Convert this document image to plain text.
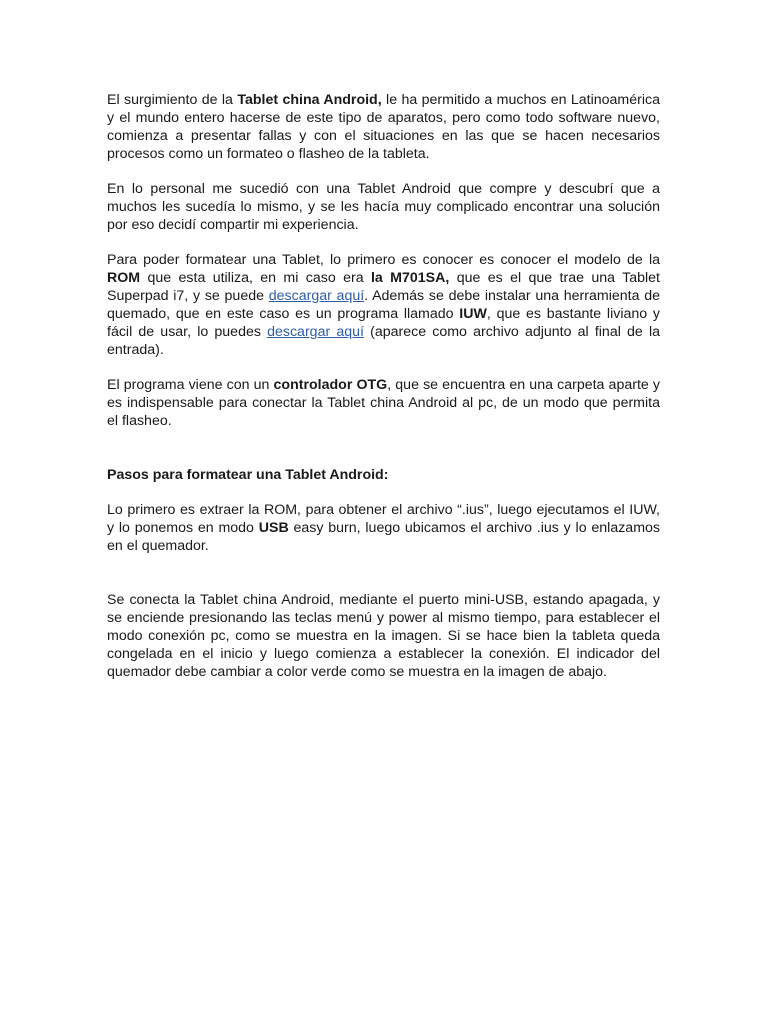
El surgimiento de la Tablet china Android, le ha permitido a muchos en Latinoamérica y el mundo entero hacerse de este tipo de aparatos, pero como todo software nuevo, comienza a presentar fallas y con el situaciones en las que se hacen necesarios procesos como un formateo o flasheo de la tableta.

En lo personal me sucedió con una Tablet Android que compre y descubrí que a muchos les sucedía lo mismo, y se les hacía muy complicado encontrar una solución por eso decidí compartir mi experiencia.

Para poder formatear una Tablet, lo primero es conocer es conocer el modelo de la ROM que esta utiliza, en mi caso era la M701SA, que es el que trae una Tablet Superpad i7, y se puede descargar aquí. Además se debe instalar una herramienta de quemado, que en este caso es un programa llamado IUW, que es bastante liviano y fácil de usar, lo puedes descargar aquí (aparece como archivo adjunto al final de la entrada).

El programa viene con un controlador OTG, que se encuentra en una carpeta aparte y es indispensable para conectar la Tablet china Android al pc, de un modo que permita el flasheo.

Pasos para formatear una Tablet Android:

Lo primero es extraer la ROM, para obtener el archivo “.ius”, luego ejecutamos el IUW, y lo ponemos en modo USB easy burn, luego ubicamos el archivo .ius y lo enlazamos en el quemador.

Se conecta la Tablet china Android, mediante el puerto mini-USB, estando apagada, y se enciende presionando las teclas menú y power al mismo tiempo, para establecer el modo conexión pc, como se muestra en la imagen. Si se hace bien la tableta queda congelada en el inicio y luego comienza a establecer la conexión. El indicador del quemador debe cambiar a color verde como se muestra en la imagen de abajo.
